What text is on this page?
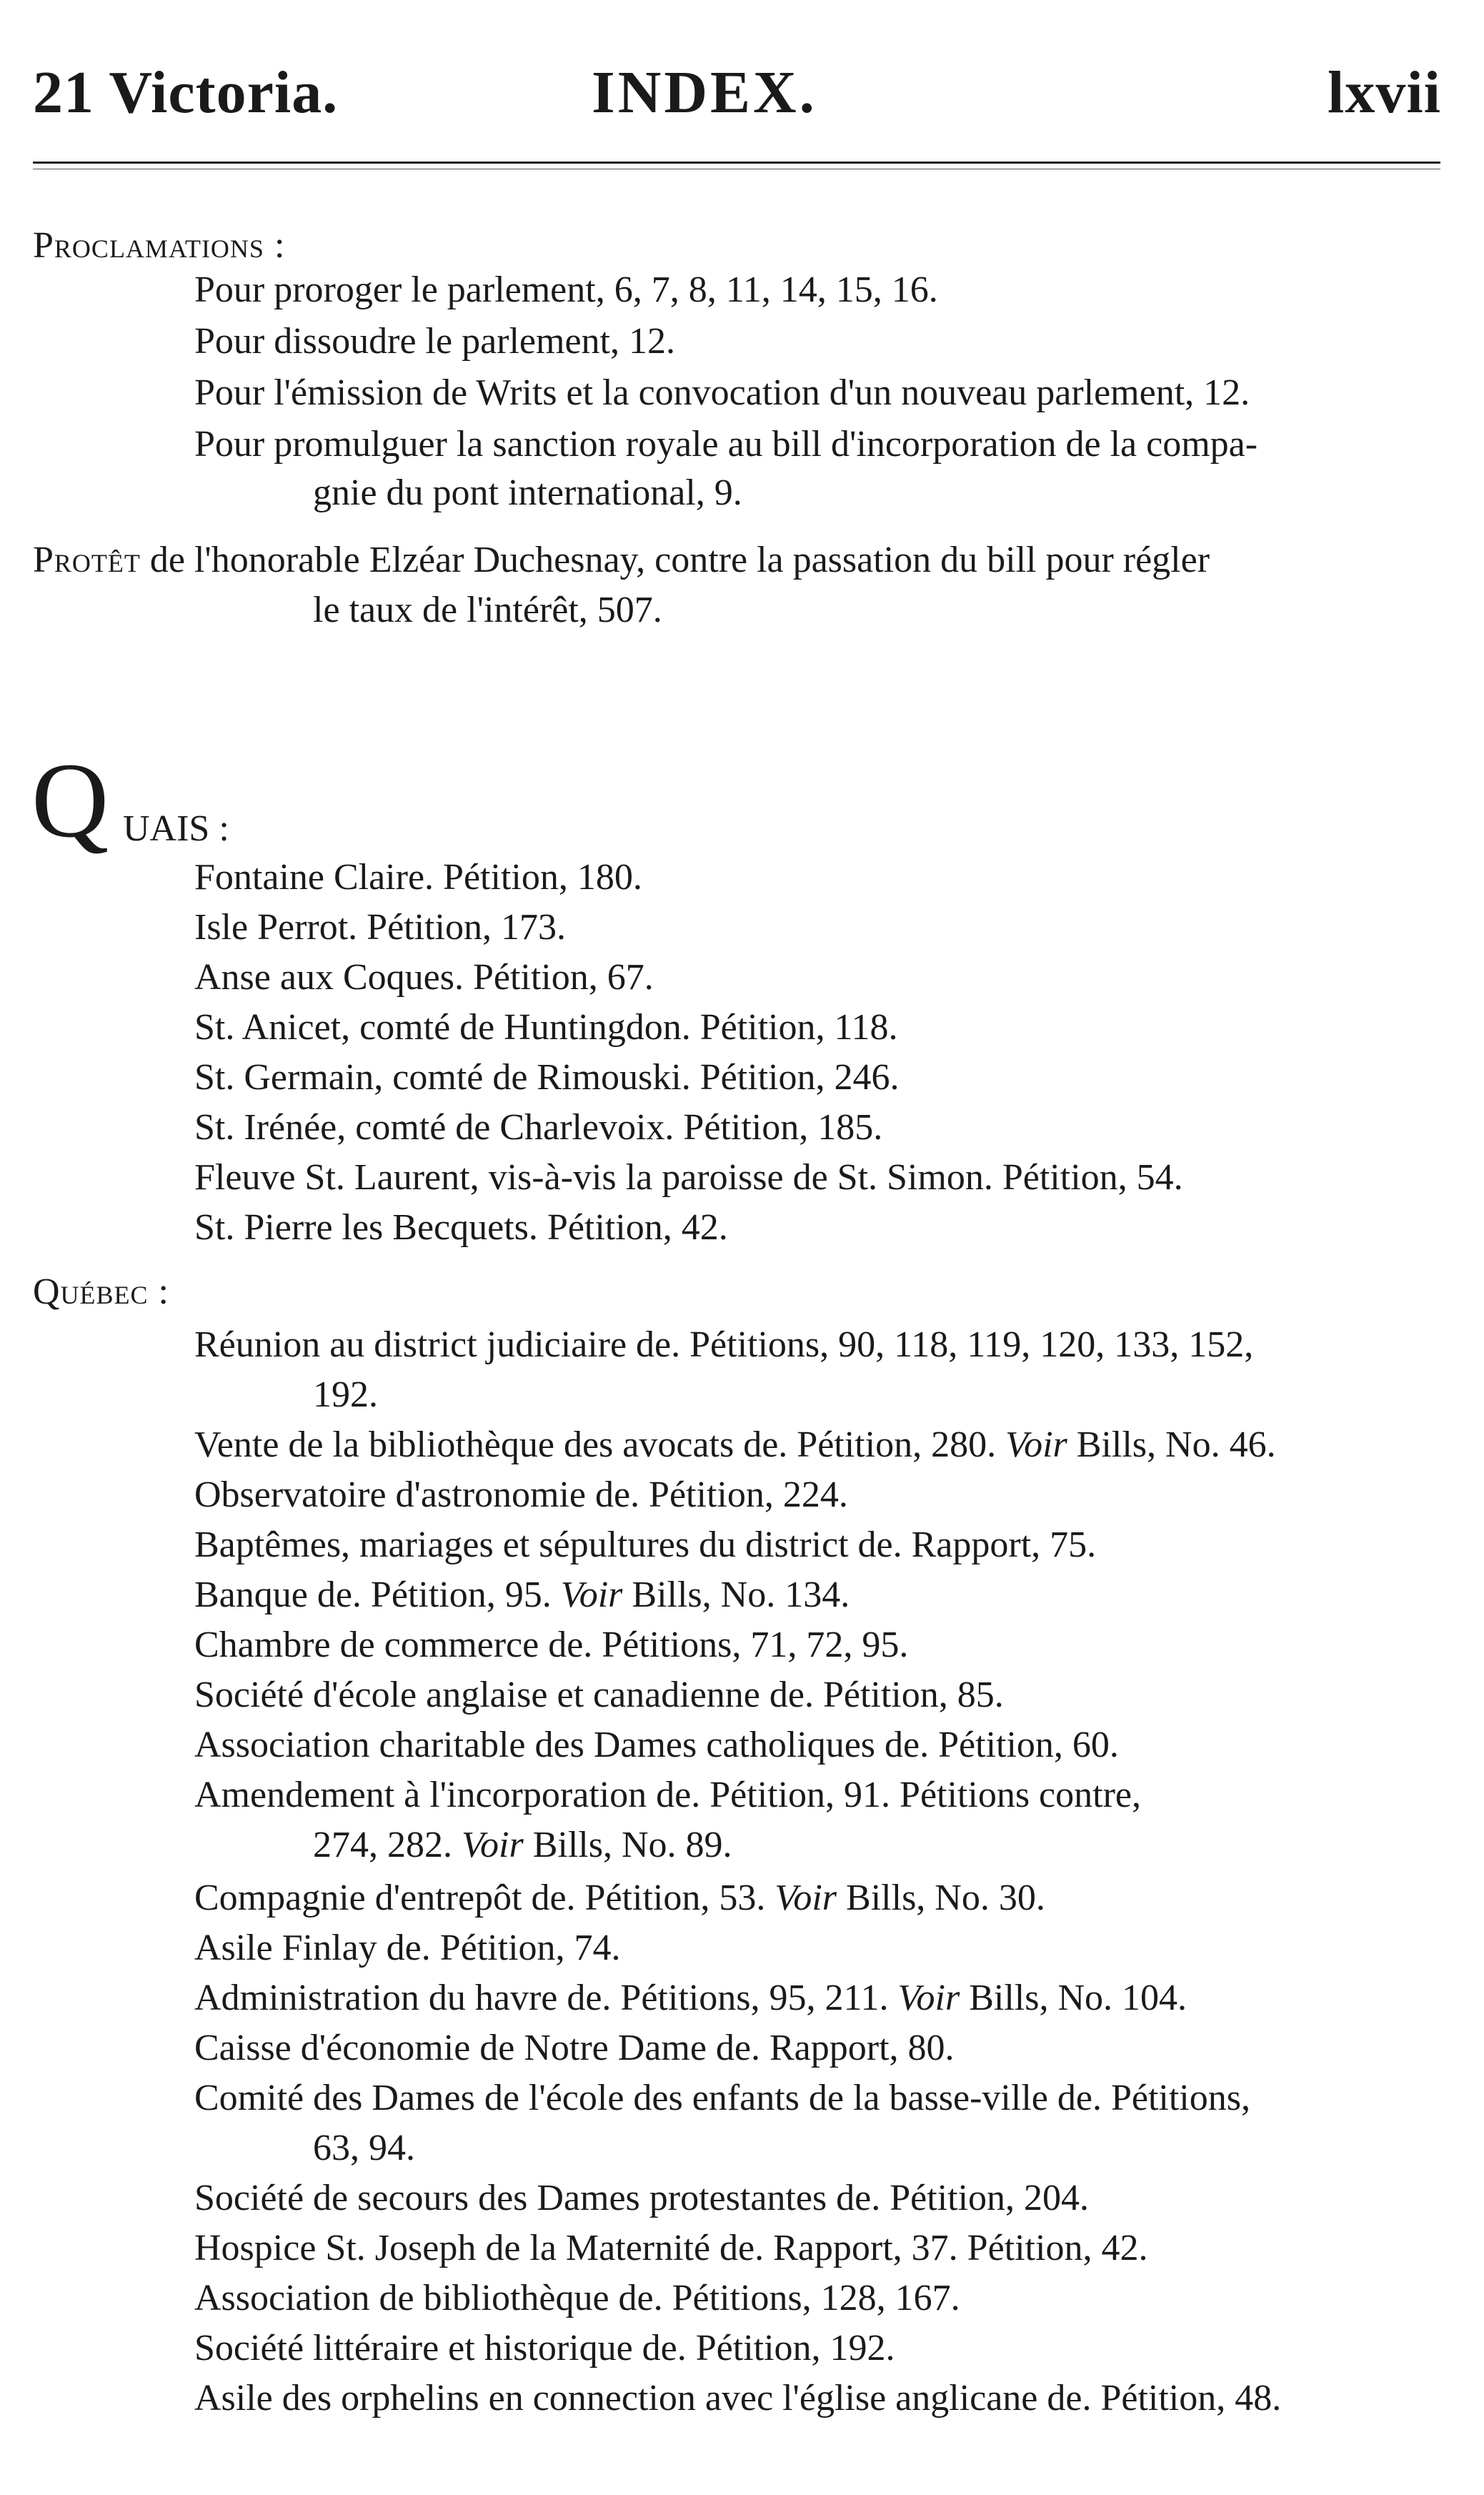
21 Victoria.	INDEX.	lxvii
Proclamations :
Pour proroger le parlement, 6, 7, 8, 11, 14, 15, 16.
Pour dissoudre le parlement, 12.
Pour l'émission de Writs et la convocation d'un nouveau parlement, 12.
Pour promulguer la sanction royale au bill d'incorporation de la compa-
gnie du pont international, 9.
Protêt de l'honorable Elzéar Duchesnay, contre la passation du bill pour régler
le taux de l'intérêt, 507.
Q UAIS :
Fontaine Claire. Pétition, 180.
Isle Perrot. Pétition, 173.
Anse aux Coques. Pétition, 67.
St. Anicet, comté de Huntingdon. Pétition, 118.
St. Germain, comté de Rimouski. Pétition, 246.
St. Irénée, comté de Charlevoix. Pétition, 185.
Fleuve St. Laurent, vis-à-vis la paroisse de St. Simon. Pétition, 54.
St. Pierre les Becquets. Pétition, 42.
Québec :
Réunion au district judiciaire de. Pétitions, 90, 118, 119, 120, 133, 152,
192.
Vente de la bibliothèque des avocats de. Pétition, 280. Voir Bills, No. 46.
Observatoire d'astronomie de. Pétition, 224.
Baptêmes, mariages et sépultures du district de. Rapport, 75.
Banque de. Pétition, 95. Voir Bills, No. 134.
Chambre de commerce de. Pétitions, 71, 72, 95.
Société d'école anglaise et canadienne de. Pétition, 85.
Association charitable des Dames catholiques de. Pétition, 60.
Amendement à l'incorporation de. Pétition, 91. Pétitions contre,
274, 282. Voir Bills, No. 89.
Compagnie d'entrepôt de. Pétition, 53. Voir Bills, No. 30.
Asile Finlay de. Pétition, 74.
Administration du havre de. Pétitions, 95, 211. Voir Bills, No. 104.
Caisse d'économie de Notre Dame de. Rapport, 80.
Comité des Dames de l'école des enfants de la basse-ville de. Pétitions,
63, 94.
Société de secours des Dames protestantes de. Pétition, 204.
Hospice St. Joseph de la Maternité de. Rapport, 37. Pétition, 42.
Association de bibliothèque de. Pétitions, 128, 167.
Société littéraire et historique de. Pétition, 192.
Asile des orphelins en connection avec l'église anglicane de. Pétition, 48.
